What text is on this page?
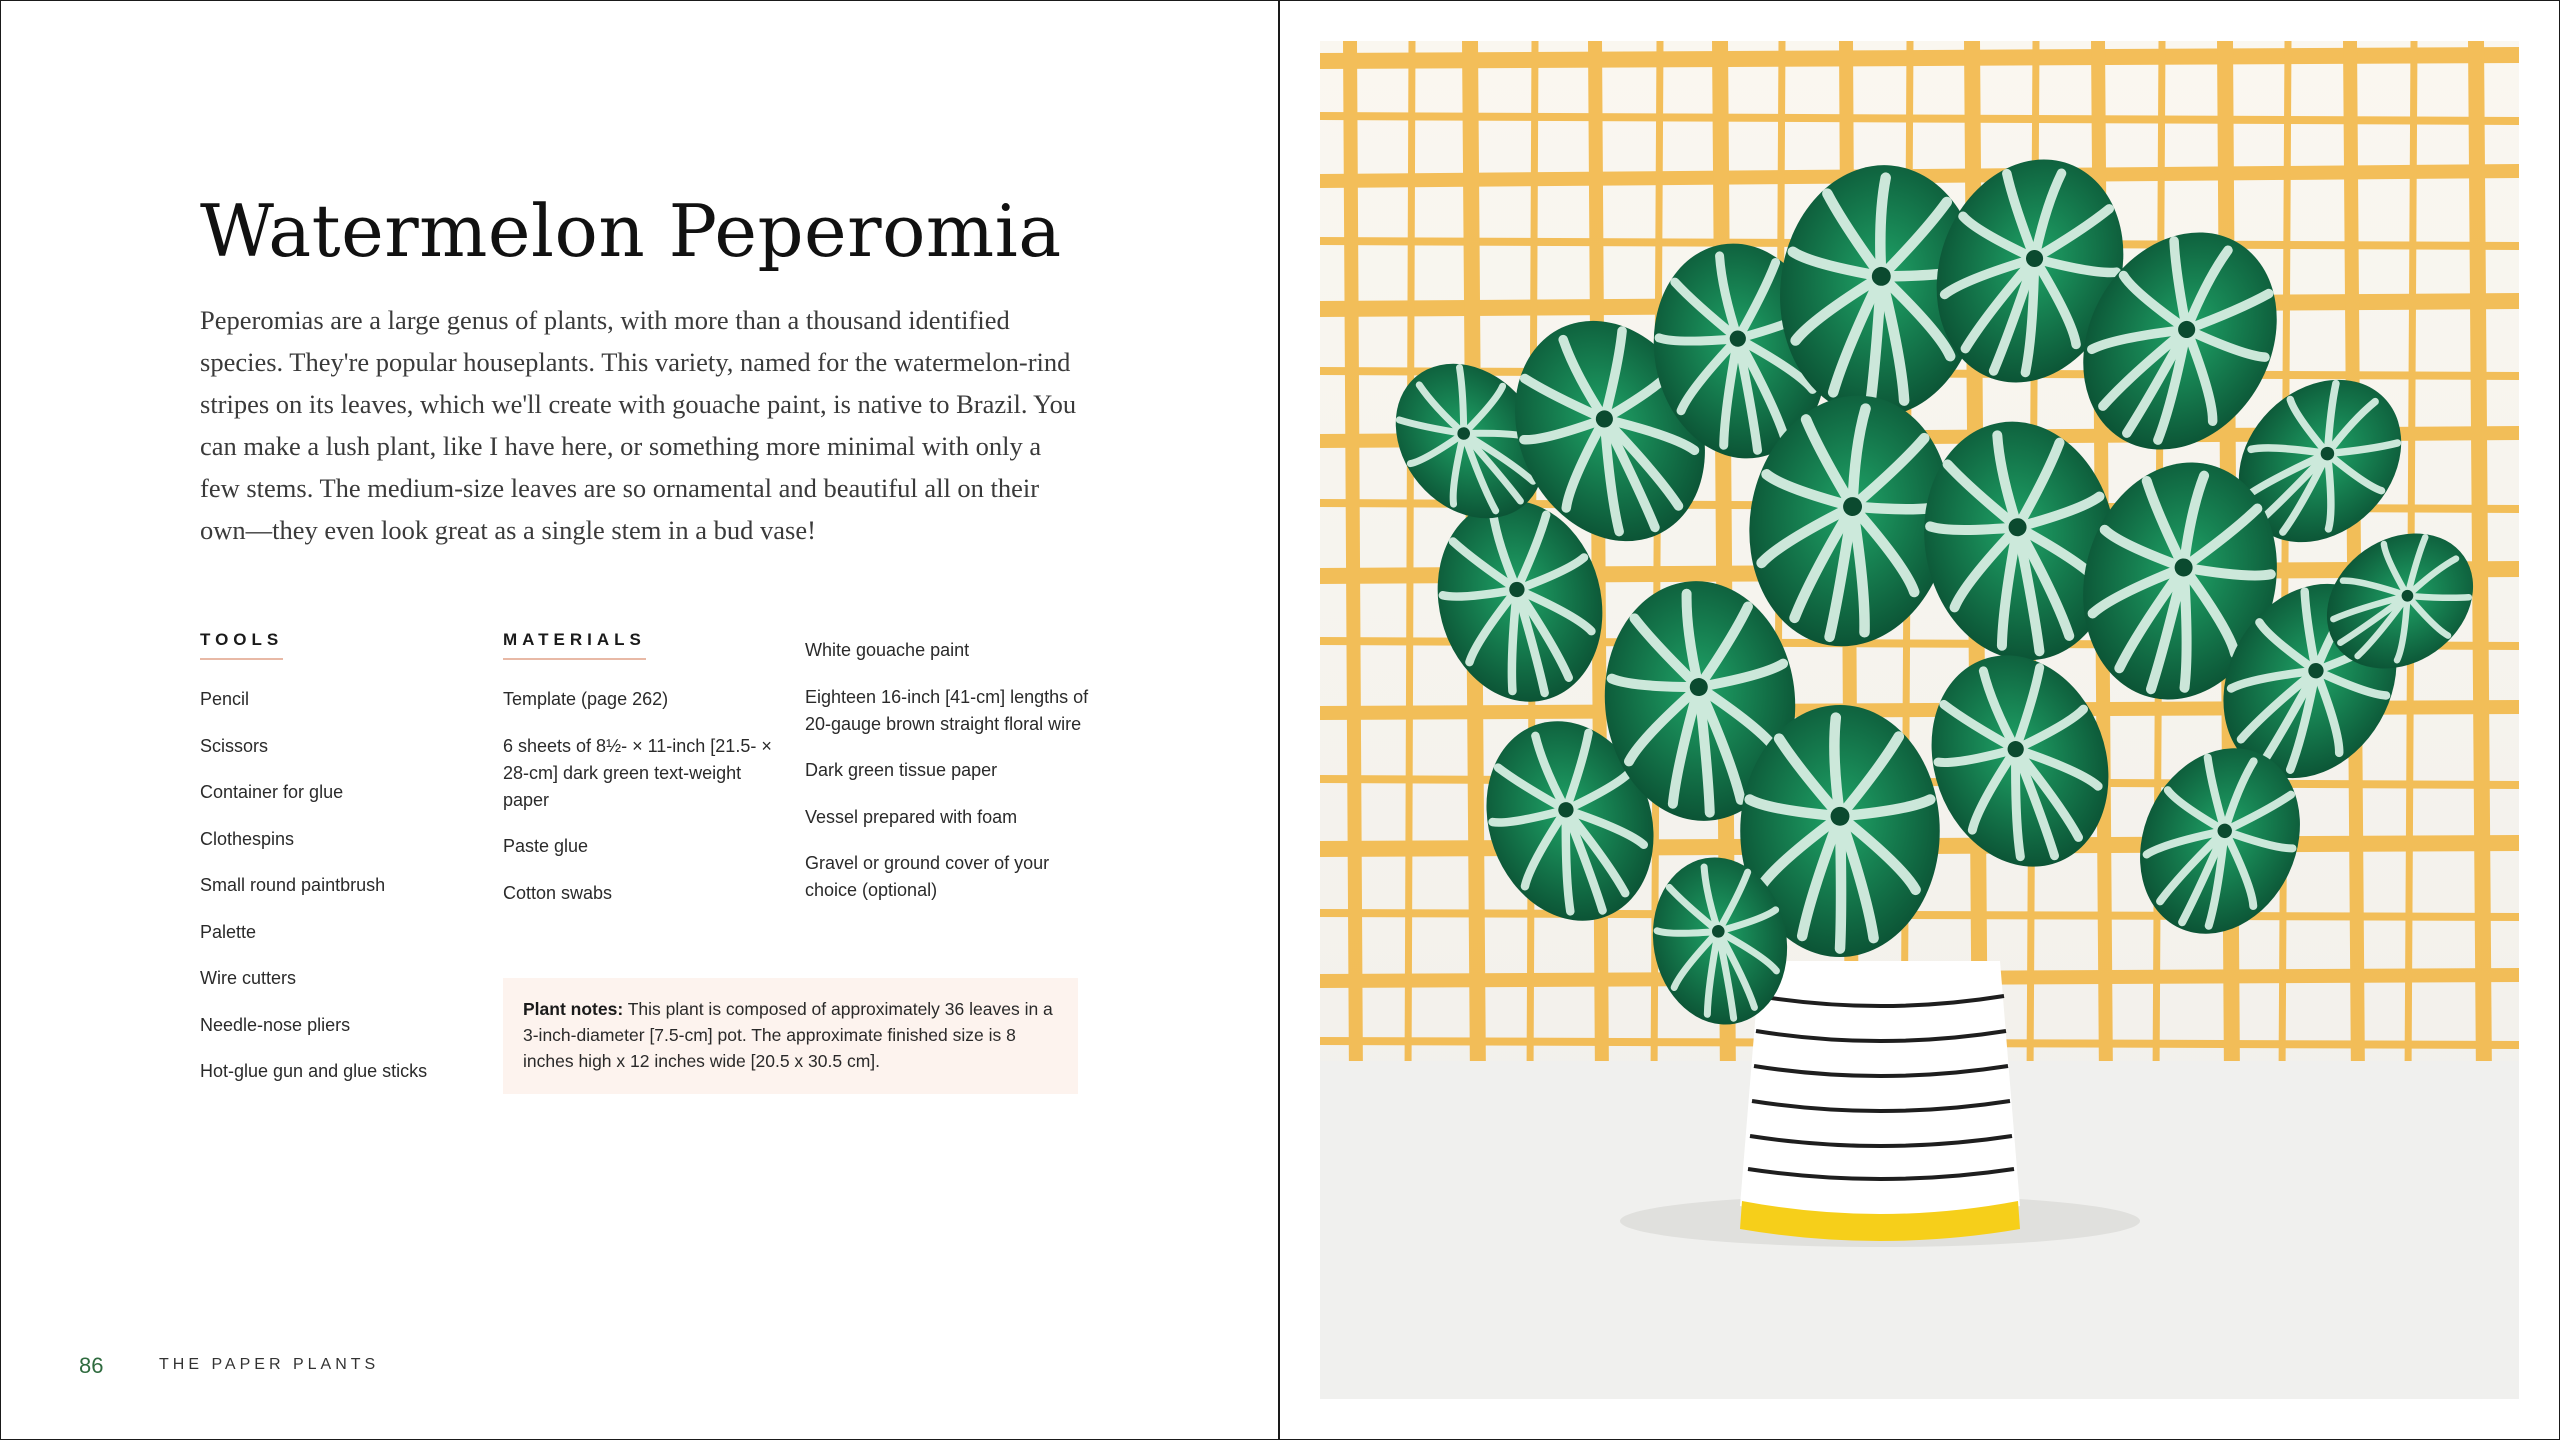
Watermelon Peperomia

Peperomias are a large genus of plants, with more than a thousand identified species. They're popular houseplants. This variety, named for the watermelon-rind stripes on its leaves, which we'll create with gouache paint, is native to Brazil. You can make a lush plant, like I have here, or something more minimal with only a few stems. The medium-size leaves are so ornamental and beautiful all on their own—they even look great as a single stem in a bud vase!

TOOLS
Pencil
Scissors
Container for glue
Clothespins
Small round paintbrush
Palette
Wire cutters
Needle-nose pliers
Hot-glue gun and glue sticks
MATERIALS
Template (page 262)
6 sheets of 8½- × 11-inch [21.5- × 28-cm] dark green text-weight paper
Paste glue
Cotton swabs
White gouache paint
Eighteen 16-inch [41-cm] lengths of 20-gauge brown straight floral wire
Dark green tissue paper
Vessel prepared with foam
Gravel or ground cover of your choice (optional)
Plant notes: This plant is composed of approximately 36 leaves in a 3-inch-diameter [7.5-cm] pot. The approximate finished size is 8 inches high x 12 inches wide [20.5 x 30.5 cm].
86	THE PAPER PLANTS
